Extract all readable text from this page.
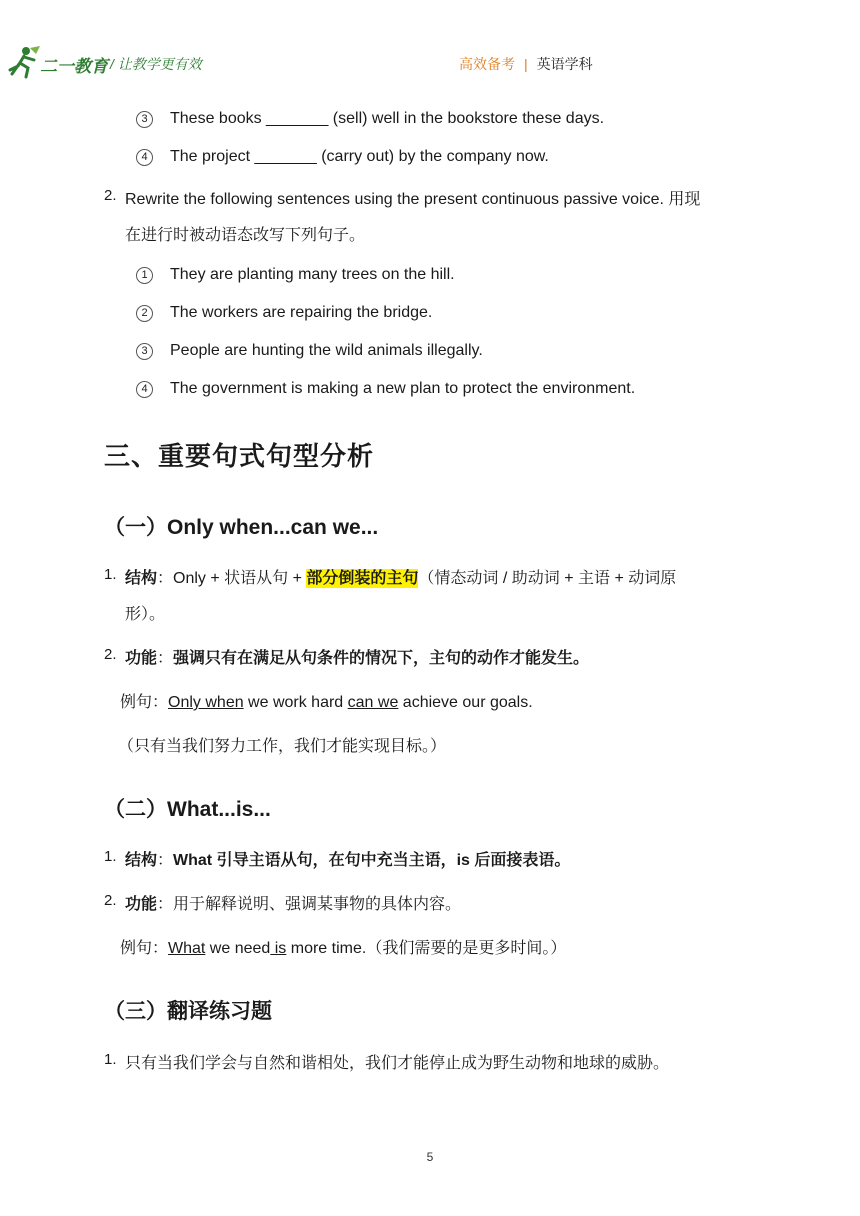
二一教育 / 让教学更有效	高效备考 | 英语学科
3	These books _______ (sell) well in the bookstore these days.
4	The project _______ (carry out) by the company now.
2. Rewrite the following sentences using the present continuous passive voice. 用现
在进行时被动语态改写下列句子。
1	They are planting many trees on the hill.
2	The workers are repairing the bridge.
3	People are hunting the wild animals illegally.
4	The government is making a new plan to protect the environment.
三、重要句式句型分析
（一）Only when...can we...
1. 结构：Only + 状语从句 + 部分倒装的主句（情态动词 / 助动词 + 主语 + 动词原
形）。
2. 功能：强调只有在满足从句条件的情况下，主句的动作才能发生。
例句：Only when we work hard can we achieve our goals.
（只有当我们努力工作，我们才能实现目标。）
（二）What...is...
1. 结构：What 引导主语从句，在句中充当主语，is 后面接表语。
2. 功能：用于解释说明、强调某事物的具体内容。
例句：What we need is more time.（我们需要的是更多时间。）
（三）翻译练习题
1. 只有当我们学会与自然和谐相处，我们才能停止成为野生动物和地球的威胁。
5
